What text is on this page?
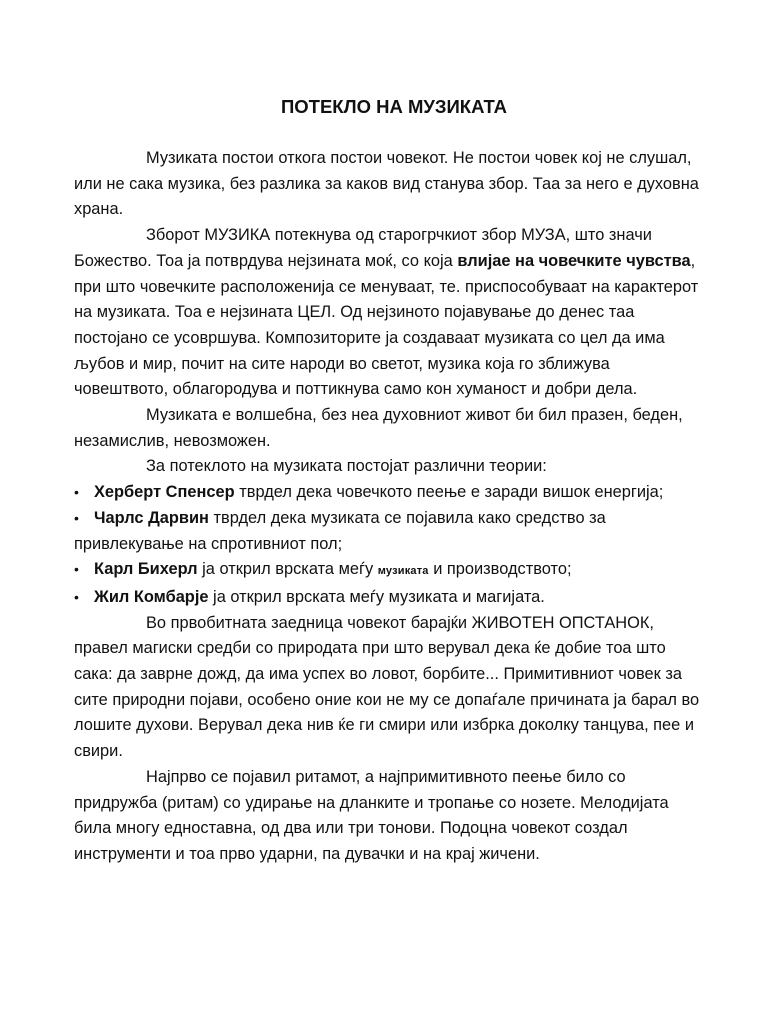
ПОТЕКЛО НА МУЗИКАТА

Музиката постои откога постои човекот. Не постои човек кој не слушал, или не сака музика, без разлика за каков вид станува збор. Таа за него е духовна храна.

Зборот МУЗИКА потекнува од старогрчкиот збор МУЗА, што значи Божество. Тоа ја потврдува нејзината моќ, со која влијае на човечките чувства, при што човечките расположенија се менуваат, те. приспособуваат на карактерот на музиката. Тоа е нејзината ЦЕЛ. Од нејзиното појавување до денес таа постојано се усовршува. Композиторите ја создаваат музиката со цел да има љубов и мир, почит на сите народи во светот, музика која го зближува човештвото, облагородува и поттикнува само кон хуманост и добри дела.

Музиката е волшебна, без неа духовниот живот би бил празен, беден, незамислив, невозможен.

За потеклото на музиката постојат различни теории:

• Херберт Спенсер тврдел дека човечкото пеење е заради вишок енергија;
• Чарлс Дарвин тврдел дека музиката се појавила како средство за привлекување на спротивниот пол;
• Карл Бихерл ја открил врската меѓу музиката и производството;
• Жил Комбарје ја открил врската меѓу музиката и магијата.

Во првобитната заедница човекот барајќи ЖИВОТЕН ОПСТАНОК, правел магиски средби со природата при што верувал дека ќе добие тоа што сака: да заврне дожд, да има успех во ловот, борбите... Примитивниот човек за сите природни појави, особено оние кои не му се допаѓале причината ја барал во лошите духови. Верувал дека нив ќе ги смири или избрка доколку танцува, пее и свири.

Најпрво се појавил ритамот, а најпримитивното пеење било со придружба (ритам) со удирање на дланките и тропање со нозете. Мелодијата била многу едноставна, од два или три тонови. Подоцна човекот создал инструменти и тоа прво ударни, па дувачки и на крај жичени.
